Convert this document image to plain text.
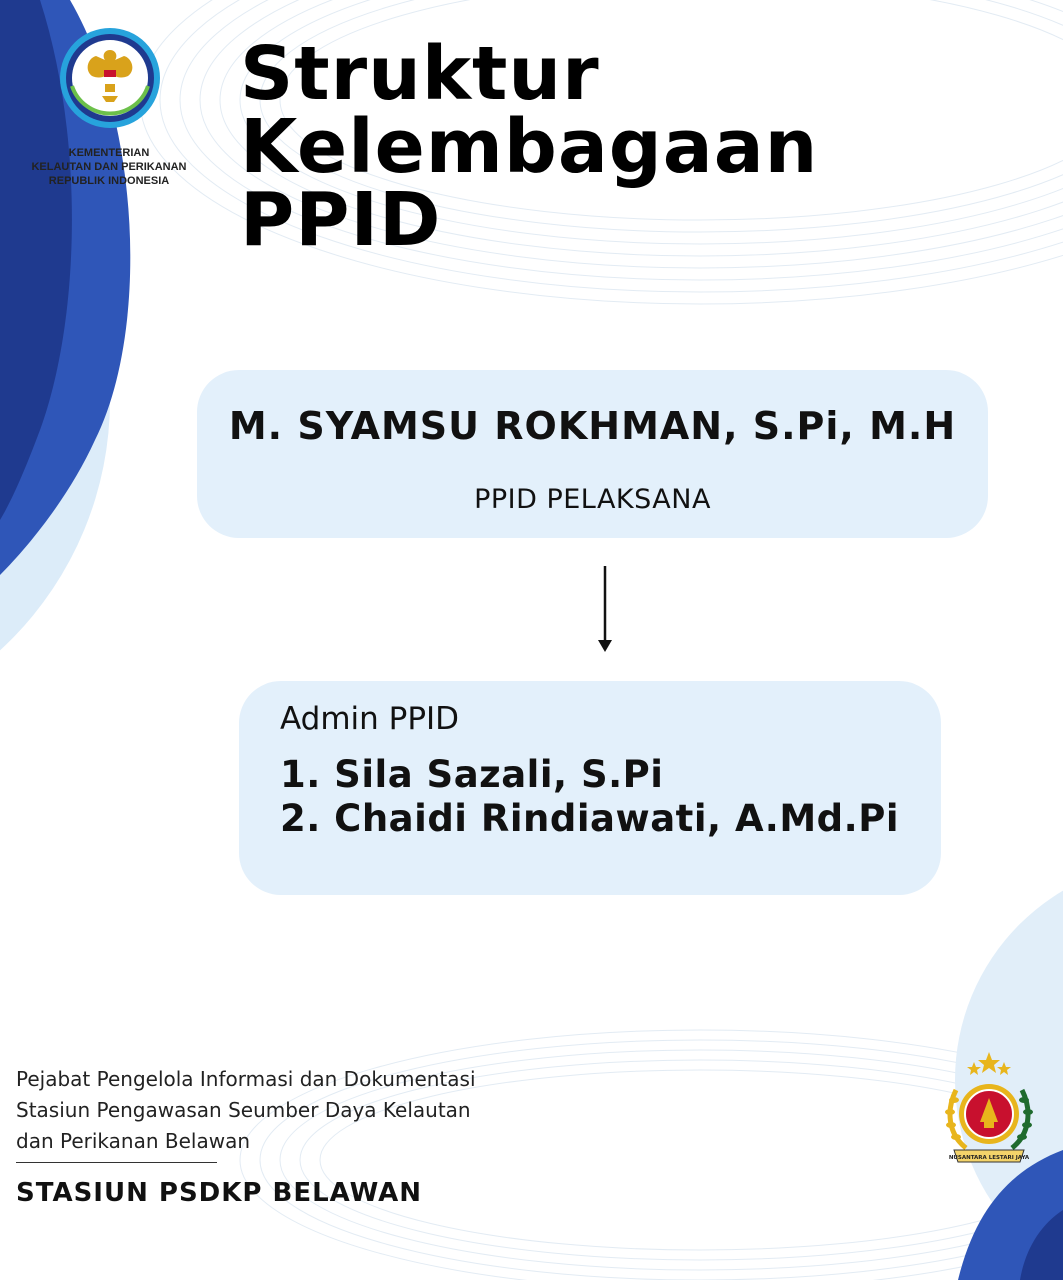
KEMENTERIAN
KELAUTAN DAN PERIKANAN
REPUBLIK INDONESIA
Struktur
Kelembagaan
PPID
M. SYAMSU ROKHMAN, S.Pi, M.H
PPID PELAKSANA
Admin PPID
1. Sila Sazali, S.Pi
2. Chaidi Rindiawati, A.Md.Pi
Pejabat Pengelola Informasi dan Dokumentasi
Stasiun Pengawasan Seumber Daya Kelautan
dan Perikanan Belawan
STASIUN PSDKP BELAWAN
NUSANTARA LESTARI JAYA
